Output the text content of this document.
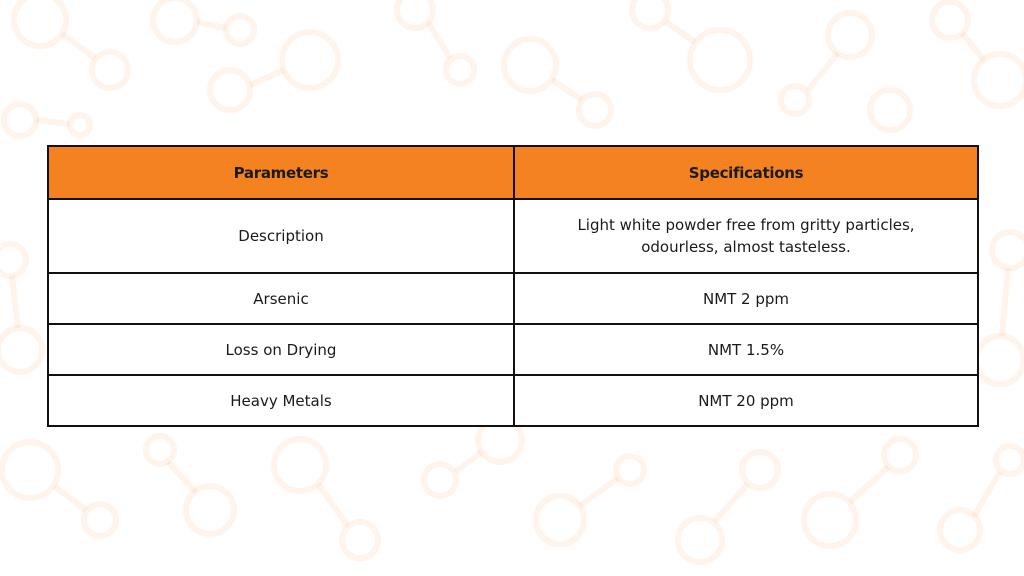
Parameters	Specifications
Description	Light white powder free from gritty particles, odourless, almost tasteless.
Arsenic	NMT 2 ppm
Loss on Drying	NMT 1.5%
Heavy Metals	NMT 20 ppm
